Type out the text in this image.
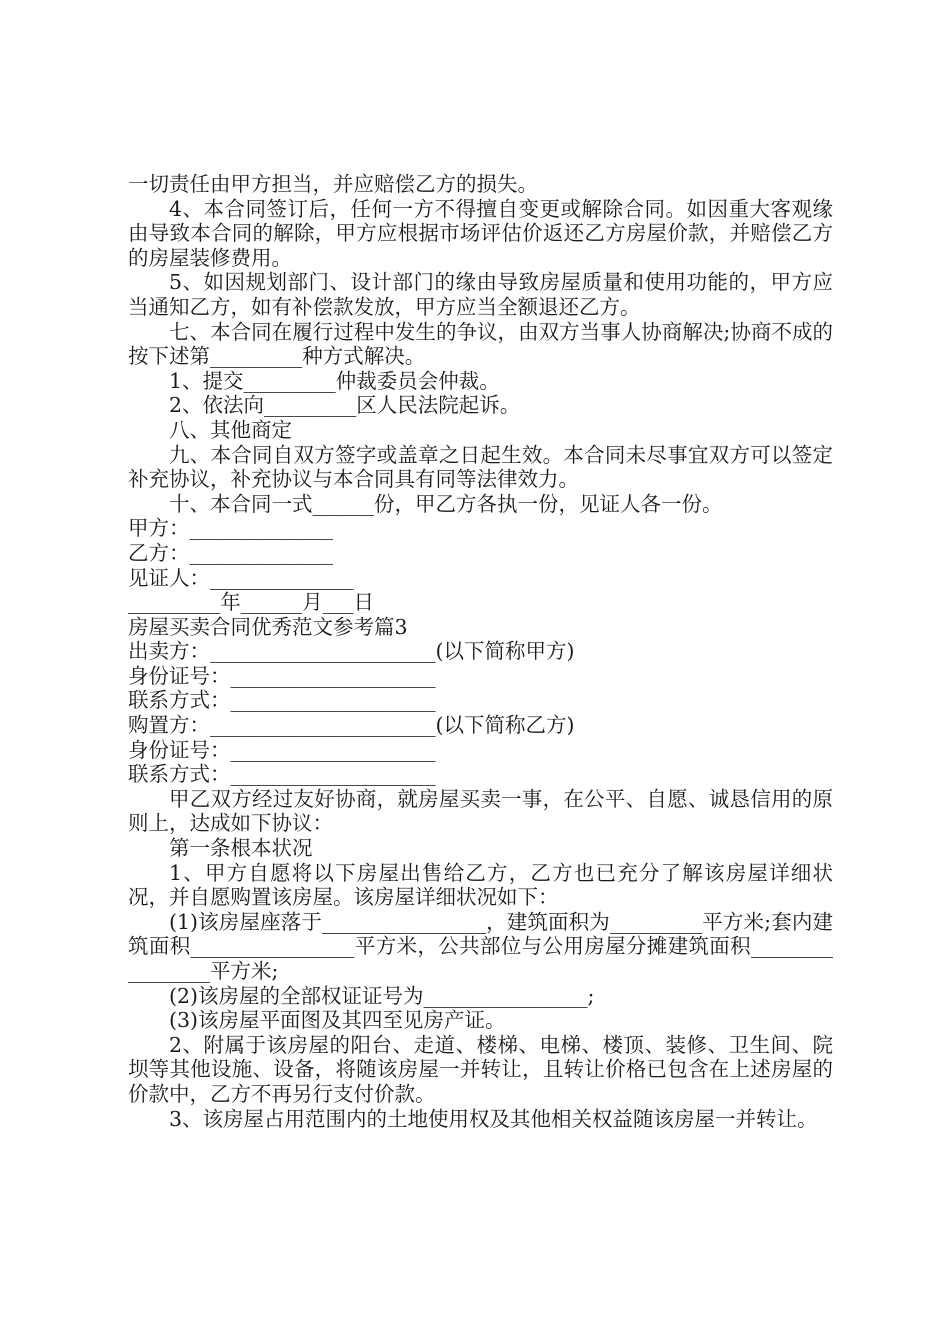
一切责任由甲方担当，并应赔偿乙方的损失。

4、本合同签订后，任何一方不得擅自变更或解除合同。如因重大客观缘由导致本合同的解除，甲方应根据市场评估价返还乙方房屋价款，并赔偿乙方的房屋装修费用。

5、如因规划部门、设计部门的缘由导致房屋质量和使用功能的，甲方应当通知乙方，如有补偿款发放，甲方应当全额退还乙方。

七、本合同在履行过程中发生的争议，由双方当事人协商解决;协商不成的按下述第_________种方式解决。

1、提交_________仲裁委员会仲裁。

2、依法向_________区人民法院起诉。

八、其他商定

九、本合同自双方签字或盖章之日起生效。本合同未尽事宜双方可以签定补充协议，补充协议与本合同具有同等法律效力。

十、本合同一式______份，甲乙方各执一份，见证人各一份。

甲方：______________

乙方：______________

见证人：______________

_________年______月___日

房屋买卖合同优秀范文参考篇3

出卖方：______________________(以下简称甲方)

身份证号：____________________

联系方式：____________________

购置方：______________________(以下简称乙方)

身份证号：____________________

联系方式：____________________

甲乙双方经过友好协商，就房屋买卖一事，在公平、自愿、诚恳信用的原则上，达成如下协议：

第一条根本状况

1、甲方自愿将以下房屋出售给乙方，乙方也已充分了解该房屋详细状况，并自愿购置该房屋。该房屋详细状况如下：

(1)该房屋座落于________________，建筑面积为_________平方米;套内建筑面积________________平方米，公共部位与公用房屋分摊建筑面积________________平方米;

(2)该房屋的全部权证证号为________________;

(3)该房屋平面图及其四至见房产证。

2、附属于该房屋的阳台、走道、楼梯、电梯、楼顶、装修、卫生间、院坝等其他设施、设备，将随该房屋一并转让，且转让价格已包含在上述房屋的价款中，乙方不再另行支付价款。

3、该房屋占用范围内的土地使用权及其他相关权益随该房屋一并转让。
